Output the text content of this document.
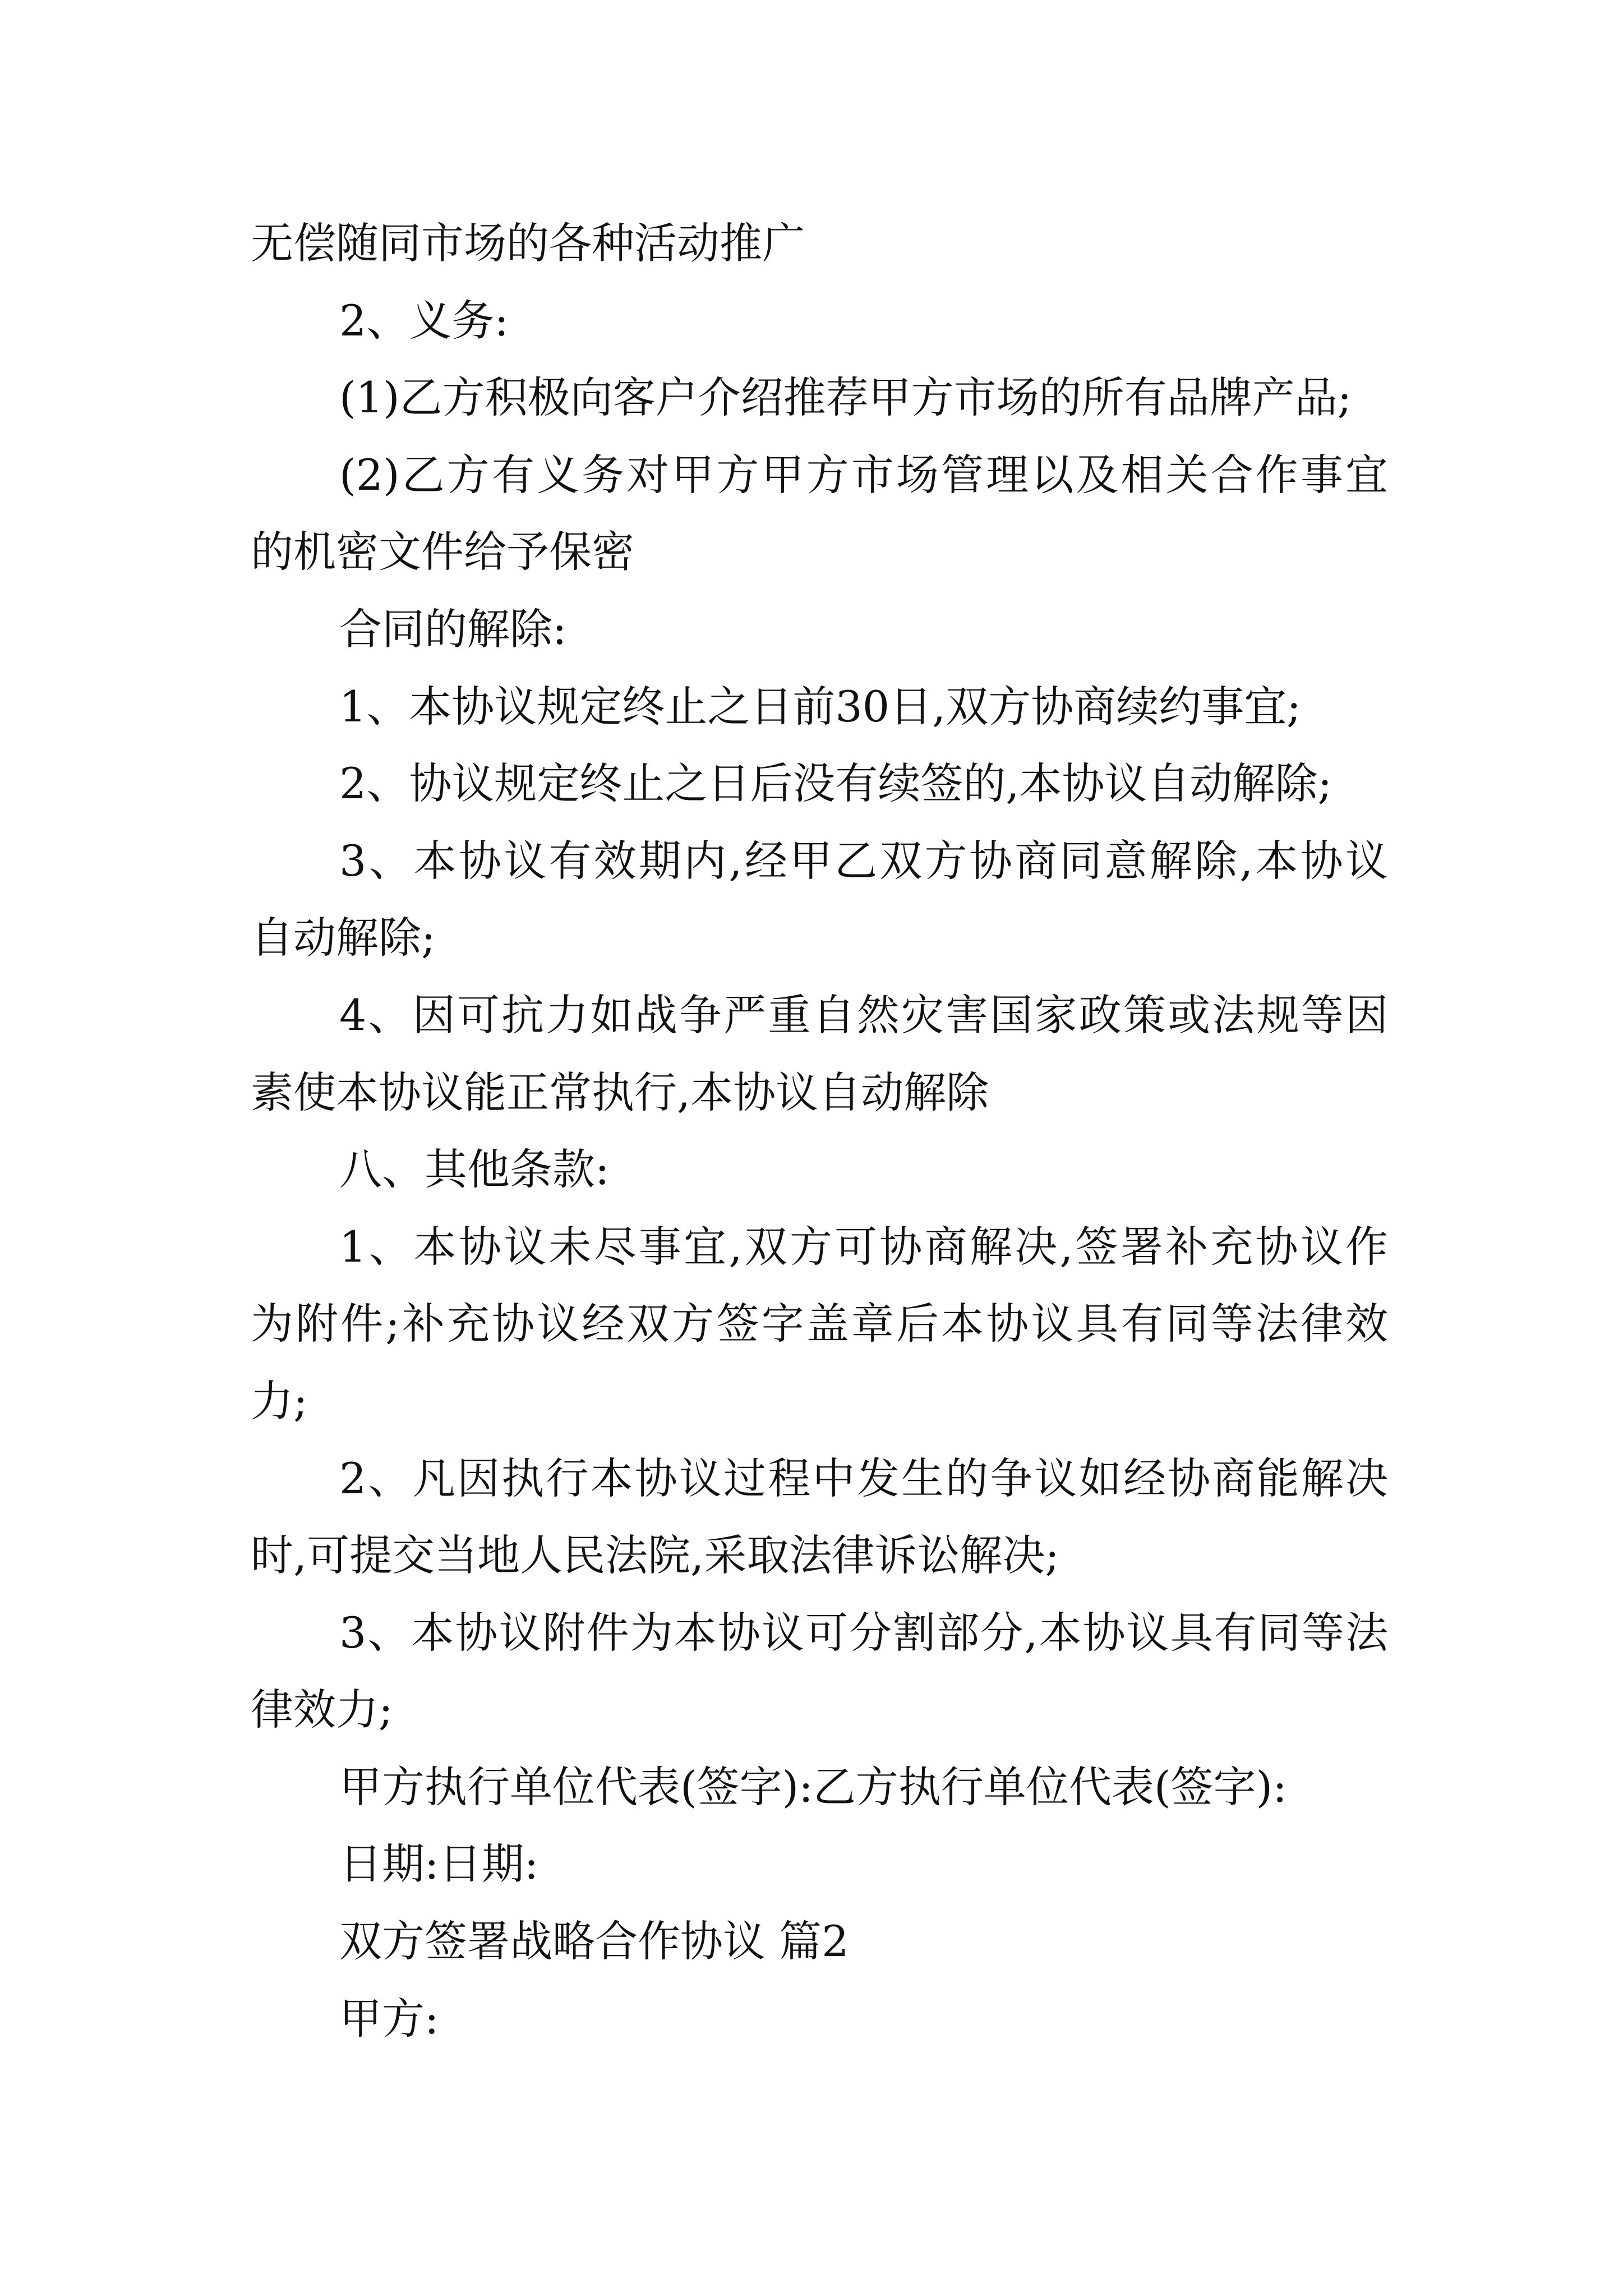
无偿随同市场的各种活动推广
2、义务:
(1)乙方积极向客户介绍推荐甲方市场的所有品牌产品;
(2)乙方有义务对甲方甲方市场管理以及相关合作事宜
的机密文件给予保密
合同的解除:
1、本协议规定终止之日前30日,双方协商续约事宜;
2、协议规定终止之日后没有续签的,本协议自动解除;
3、本协议有效期内,经甲乙双方协商同意解除,本协议
自动解除;
4、因可抗力如战争严重自然灾害国家政策或法规等因
素使本协议能正常执行,本协议自动解除
八、其他条款:
1、本协议未尽事宜,双方可协商解决,签署补充协议作
为附件;补充协议经双方签字盖章后本协议具有同等法律效
力;
2、凡因执行本协议过程中发生的争议如经协商能解决
时,可提交当地人民法院,采取法律诉讼解决;
3、本协议附件为本协议可分割部分,本协议具有同等法
律效力;
甲方执行单位代表(签字):乙方执行单位代表(签字):
日期:日期:
双方签署战略合作协议 篇2
甲方:
